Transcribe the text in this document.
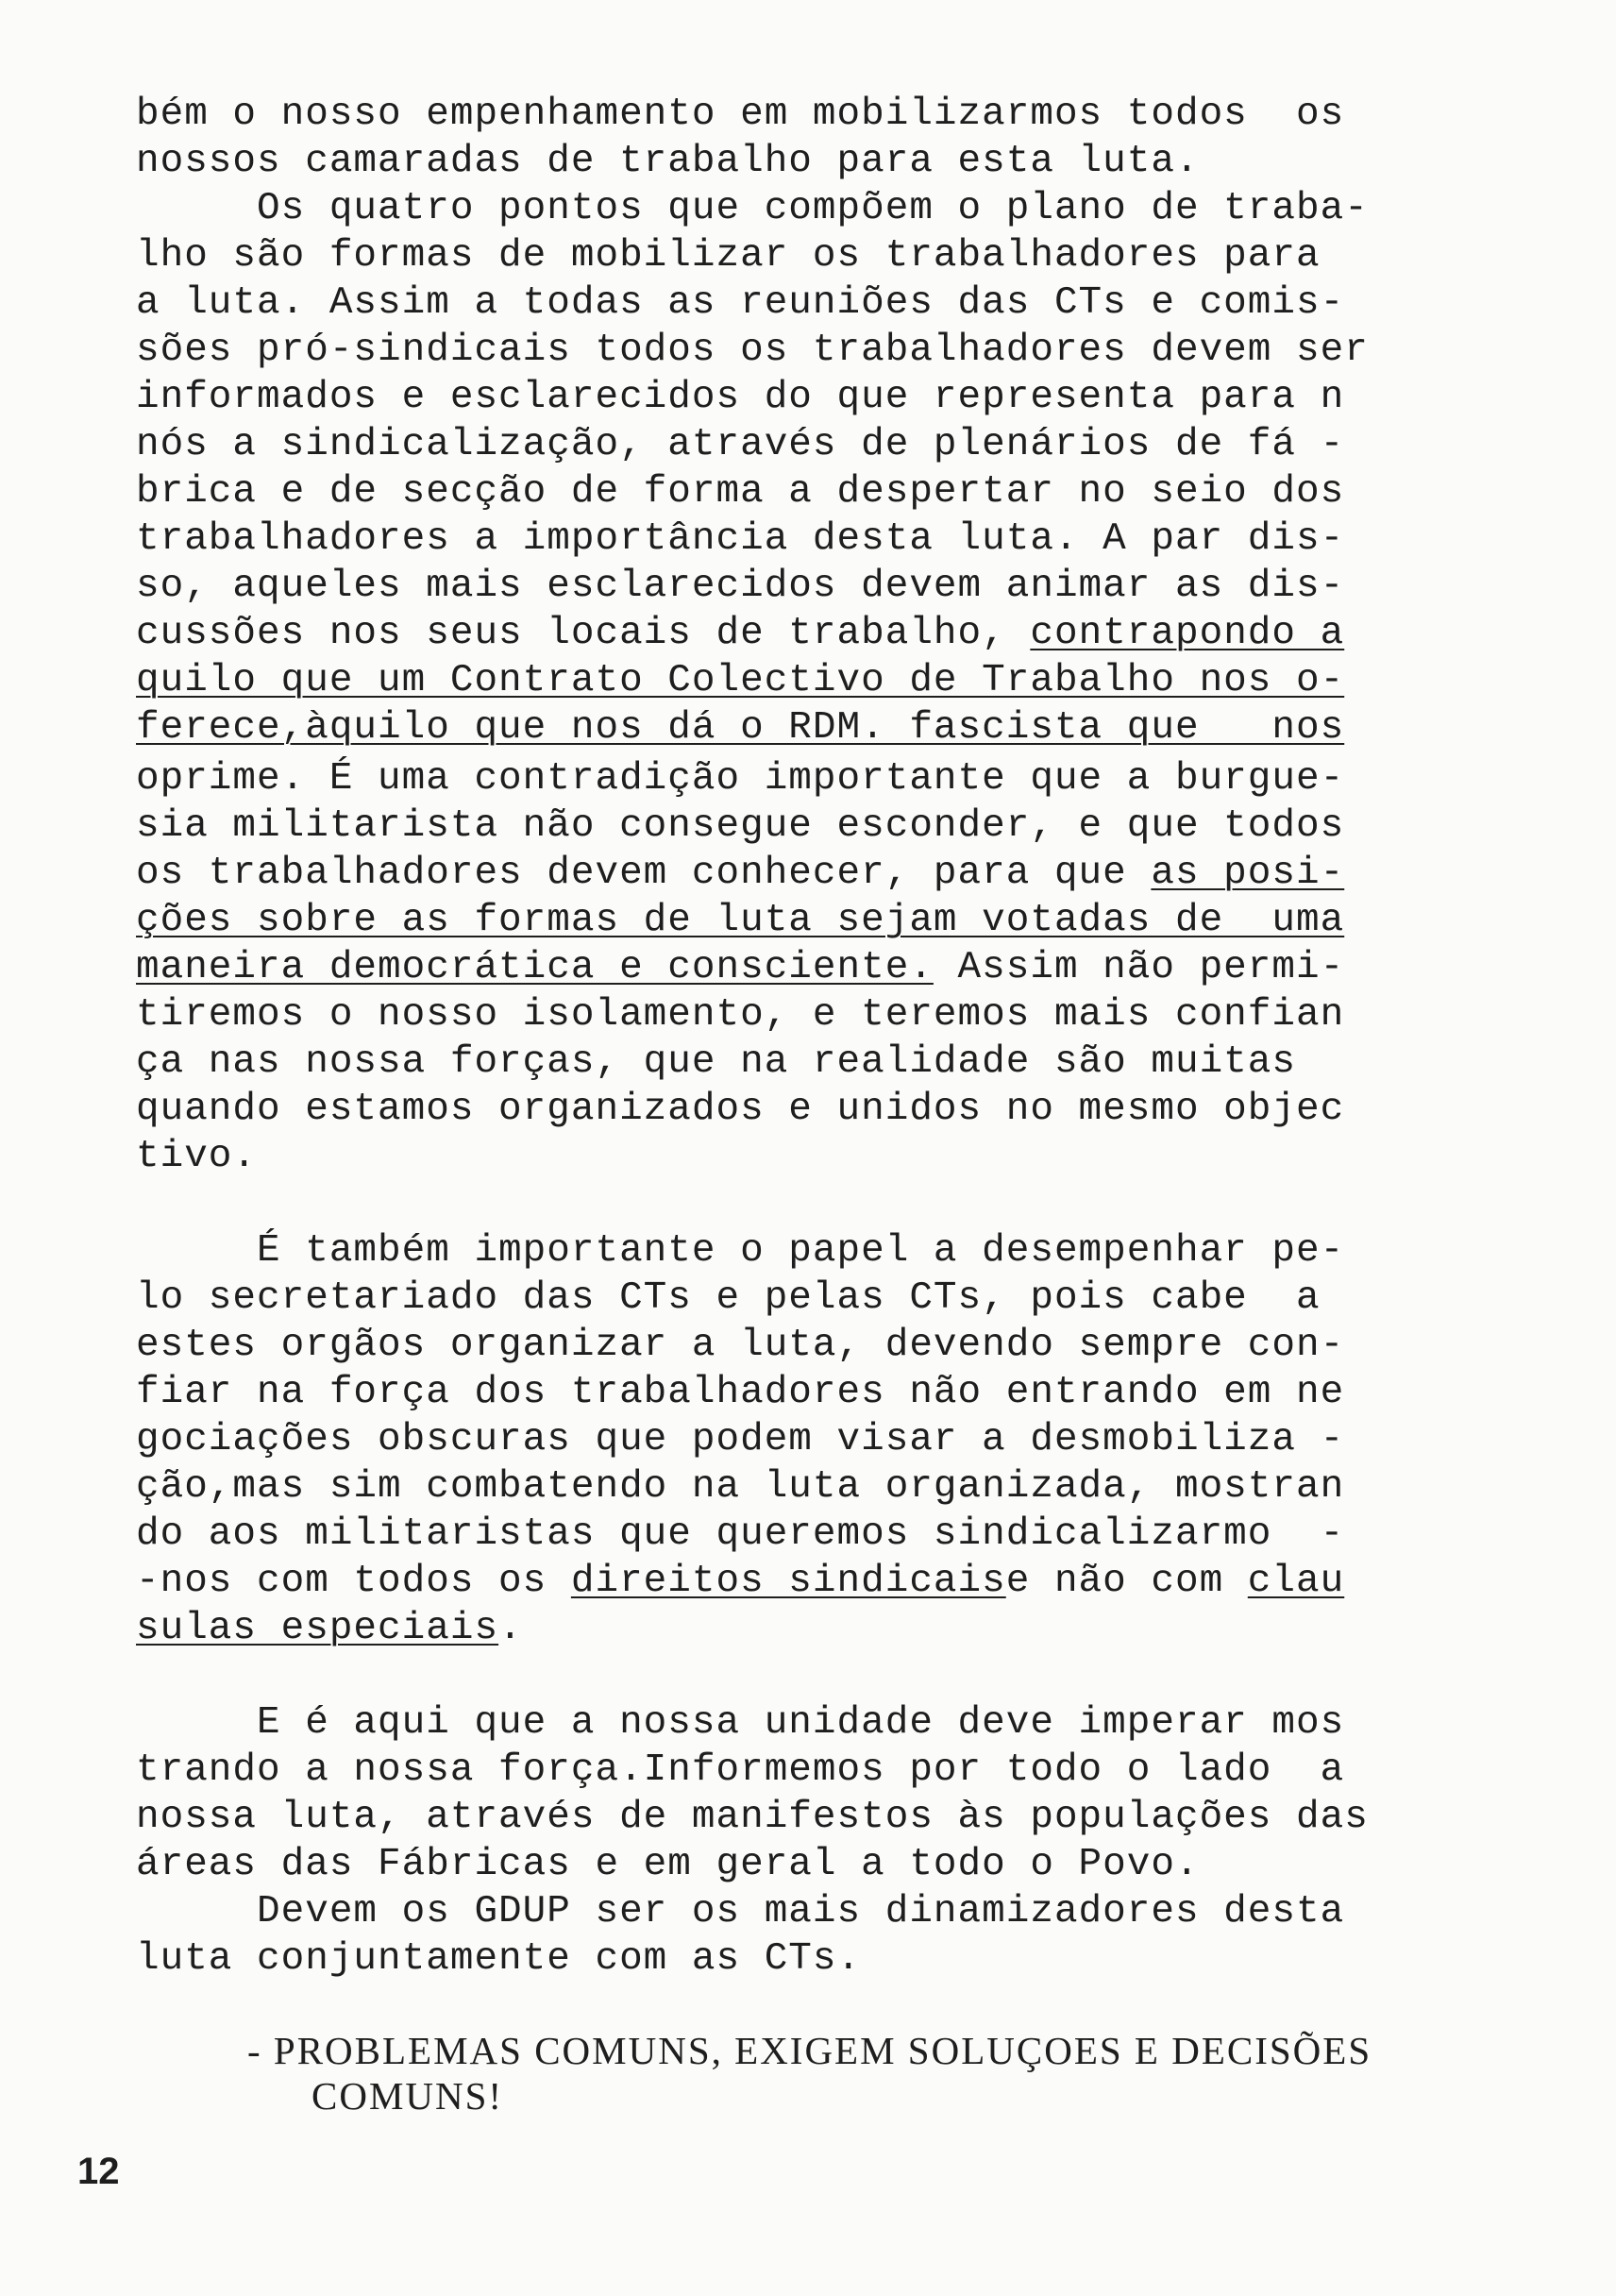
bém o nosso empenhamento em mobilizarmos todos  os
nossos camaradas de trabalho para esta luta.
Os quatro pontos que compõem o plano de traba-
lho são formas de mobilizar os trabalhadores para
a luta. Assim a todas as reuniões das CTs e comis-
sões pró-sindicais todos os trabalhadores devem ser
informados e esclarecidos do que representa para n
nós a sindicalização, através de plenários de fá -
brica e de secção de forma a despertar no seio dos
trabalhadores a importância desta luta. A par dis-
so, aqueles mais esclarecidos devem animar as dis-
cussões nos seus locais de trabalho, contrapondo a
quilo que um Contrato Colectivo de Trabalho nos o-
ferece,àquilo que nos dá o RDM. fascista que   nos
oprime. É uma contradição importante que a burgue-
sia militarista não consegue esconder, e que todos
os trabalhadores devem conhecer, para que as posi-
ções sobre as formas de luta sejam votadas de  uma
maneira democrática e consciente. Assim não permi-
tiremos o nosso isolamento, e teremos mais confian
ça nas nossa forças, que na realidade são muitas
quando estamos organizados e unidos no mesmo objec
tivo.
É também importante o papel a desempenhar pe-
lo secretariado das CTs e pelas CTs, pois cabe  a
estes orgãos organizar a luta, devendo sempre con-
fiar na força dos trabalhadores não entrando em ne
gociações obscuras que podem visar a desmobiliza -
ção,mas sim combatendo na luta organizada, mostran
do aos militaristas que queremos sindicalizarmo  -
-nos com todos os direitos sindicaise não com clau
sulas especiais.
E é aqui que a nossa unidade deve imperar mos
trando a nossa força.Informemos por todo o lado  a
nossa luta, através de manifestos às populações das
áreas das Fábricas e em geral a todo o Povo.
Devem os GDUP ser os mais dinamizadores desta
luta conjuntamente com as CTs.
- PROBLEMAS COMUNS, EXIGEM SOLUÇOES E DECISÕES
COMUNS!
12
